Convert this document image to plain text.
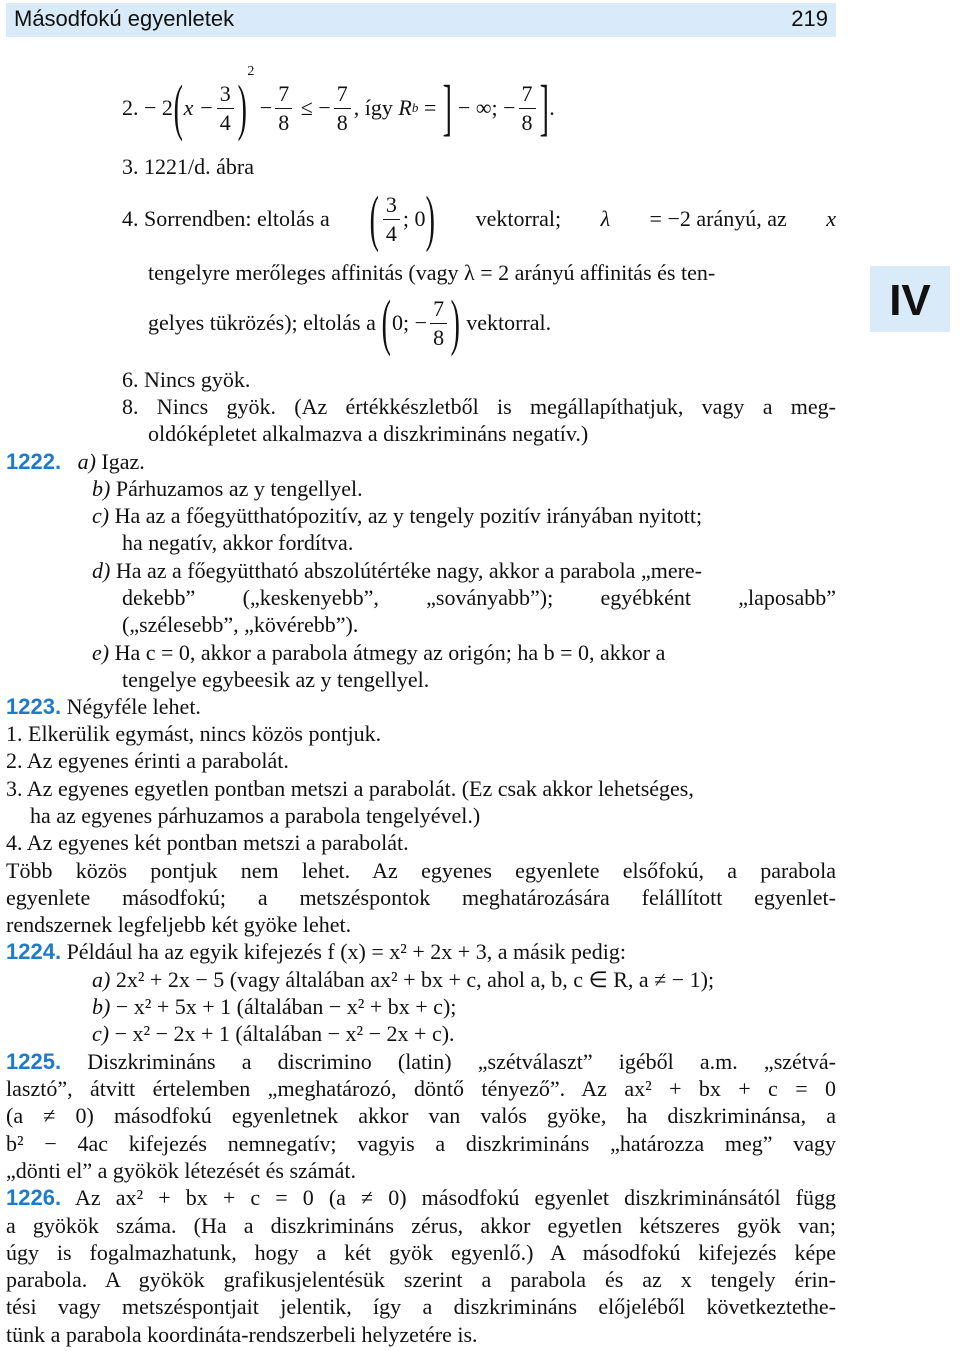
Másodfokú egyenletek	219
IV
2.
− 2 ( $x - \frac{3}{4}$ )
2

− $\frac{7}{8}$
≤ − $\frac{7}{8}$ , így
R b
=
]
− ∞; − $\frac{7}{8}$ ] .
3. 1221/d. ábra
4. Sorrendben: eltolás a ( $\frac{3}{4}$ ; 0 ) vektorral; λ = −2 arányú, az x
tengelyre merőleges affinitás (vagy λ = 2 arányú affinitás és ten-
gelyes tükrözés); eltolás a
( 0; − $\frac{7}{8}$ )
vektorral.
6. Nincs gyök.
8. Nincs gyök. (Az értékkészletből is megállapíthatjuk, vagy a meg-
oldóképletet alkalmazva a diszkrimináns negatív.)
1222. a) Igaz.
b) Párhuzamos az y tengellyel.
c) Ha az a főegyütthatópozitív, az y tengely pozitív irányában nyitott;
ha negatív, akkor fordítva.
d) Ha az a főegyüttható abszolútértéke nagy, akkor a parabola „mere-
dekebb” („keskenyebb”, „soványabb”); egyébként „laposabb”
(„szélesebb”, „kövérebb”).
e) Ha c = 0, akkor a parabola átmegy az origón; ha b = 0, akkor a
tengelye egybeesik az y tengellyel.
1223. Négyféle lehet.
1. Elkerülik egymást, nincs közös pontjuk.
2. Az egyenes érinti a parabolát.
3. Az egyenes egyetlen pontban metszi a parabolát. (Ez csak akkor lehetséges,
ha az egyenes párhuzamos a parabola tengelyével.)
4. Az egyenes két pontban metszi a parabolát.
Több közös pontjuk nem lehet. Az egyenes egyenlete elsőfokú, a parabola
egyenlete másodfokú; a metszéspontok meghatározására felállított egyenlet-
rendszernek legfeljebb két gyöke lehet.
1224. Például ha az egyik kifejezés f (x) = x² + 2x + 3, a másik pedig:
a) 2x² + 2x − 5 (vagy általában ax² + bx + c, ahol a, b, c ∈ R, a ≠ − 1);
b) − x² + 5x + 1 (általában − x² + bx + c);
c) − x² − 2x + 1 (általában − x² − 2x + c).
1225. Diszkrimináns a discrimino (latin) „szétválaszt” igéből a.m. „szétvá-
lasztó”, átvitt értelemben „meghatározó, döntő tényező”. Az ax² + bx + c = 0
(a ≠ 0) másodfokú egyenletnek akkor van valós gyöke, ha diszkriminánsa, a
b² − 4ac kifejezés nemnegatív; vagyis a diszkrimináns „határozza meg” vagy
„dönti el” a gyökök létezését és számát.
1226. Az ax² + bx + c = 0 (a ≠ 0) másodfokú egyenlet diszkriminánsától függ
a gyökök száma. (Ha a diszkrimináns zérus, akkor egyetlen kétszeres gyök van;
úgy is fogalmazhatunk, hogy a két gyök egyenlő.) A másodfokú kifejezés képe
parabola. A gyökök grafikusjelentésük szerint a parabola és az x tengely érin-
tési vagy metszéspontjait jelentik, így a diszkrimináns előjeléből következtethe-
tünk a parabola koordináta-rendszerbeli helyzetére is.
